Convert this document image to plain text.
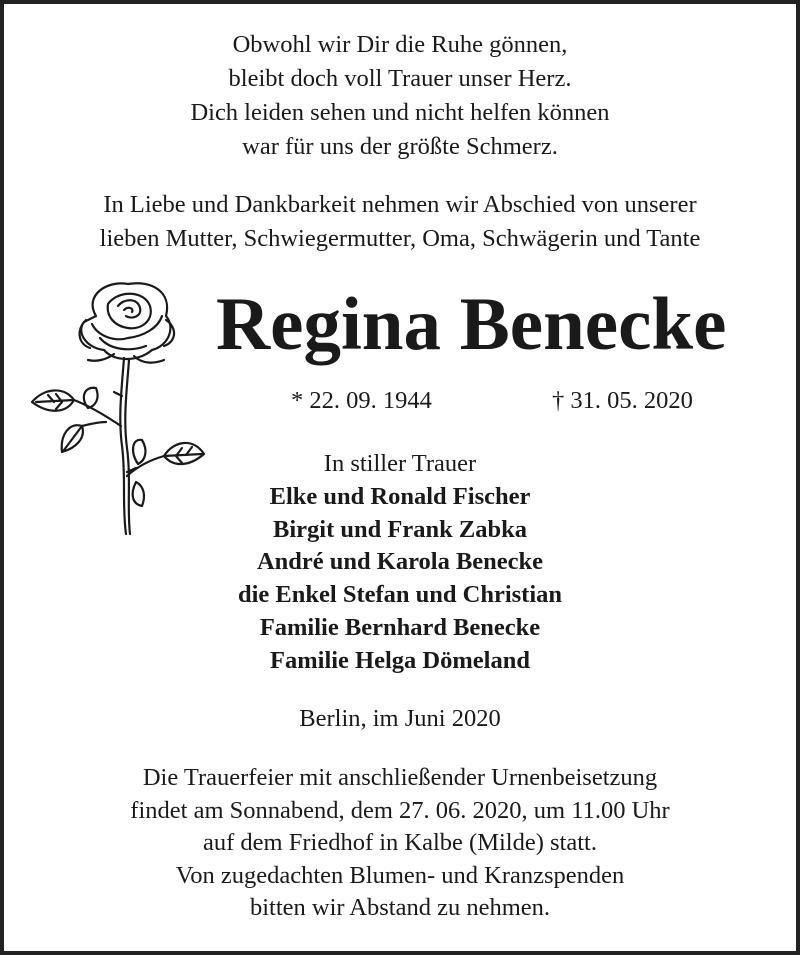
Obwohl wir Dir die Ruhe gönnen,
bleibt doch voll Trauer unser Herz.
Dich leiden sehen und nicht helfen können
war für uns der größte Schmerz.
In Liebe und Dankbarkeit nehmen wir Abschied von unserer
lieben Mutter, Schwiegermutter, Oma, Schwägerin und Tante
Regina Benecke
* 22. 09. 1944	† 31. 05. 2020
In stiller Trauer
Elke und Ronald Fischer
Birgit und Frank Zabka
André und Karola Benecke
die Enkel Stefan und Christian
Familie Bernhard Benecke
Familie Helga Dömeland
Berlin, im Juni 2020
Die Trauerfeier mit anschließender Urnenbeisetzung
findet am Sonnabend, dem 27. 06. 2020, um 11.00 Uhr
auf dem Friedhof in Kalbe (Milde) statt.
Von zugedachten Blumen- und Kranzspenden
bitten wir Abstand zu nehmen.
